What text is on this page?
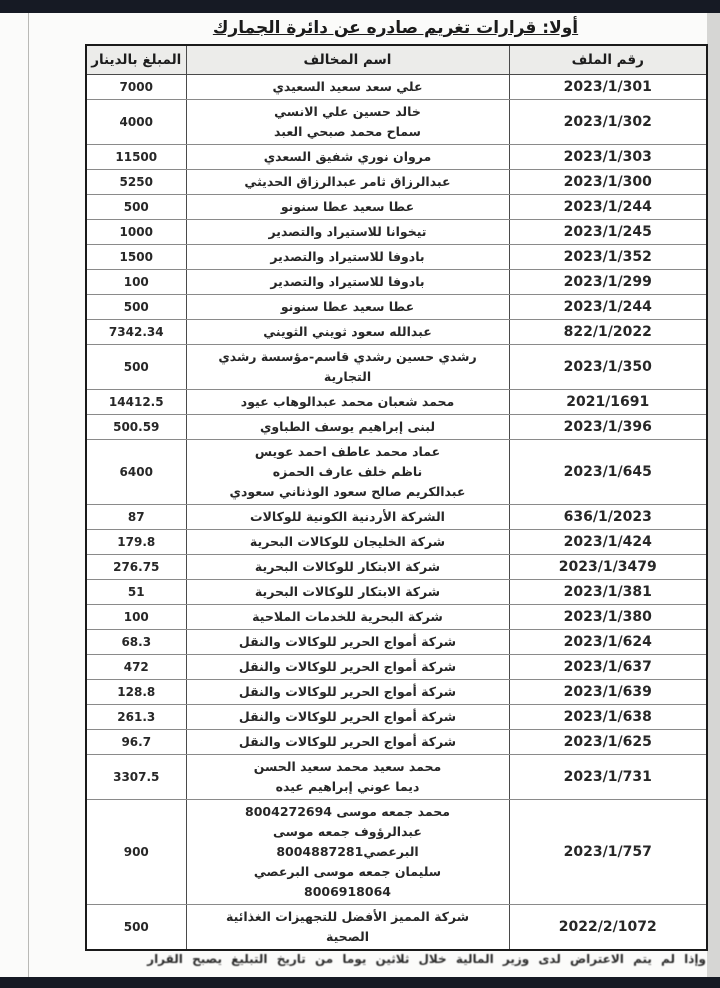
أولا: قرارات تغريم صادره عن دائرة الجمارك
رقم الملف	اسم المخالف	المبلغ بالدينار
2023/1/301	علي سعد سعيد السعيدي	7000
2023/1/302	خالد حسين علي الانسي
سماح محمد صبحي العبد	4000
2023/1/303	مروان نوري شفيق السعدي	11500
2023/1/300	عبدالرزاق ثامر عبدالرزاق الحديثي	5250
2023/1/244	عطا سعيد عطا سنونو	500
2023/1/245	تيخوانا للاستيراد والتصدير	1000
2023/1/352	بادوفا للاستيراد والتصدير	1500
2023/1/299	بادوفا للاستيراد والتصدير	100
2023/1/244	عطا سعيد عطا سنونو	500
822/1/2022	عبدالله سعود ثويني الثويني	7342.34
2023/1/350	رشدي حسين رشدي قاسم-مؤسسة رشدي
التجارية	500
2021/1691	محمد شعبان محمد عبدالوهاب عيود	14412.5
2023/1/396	لبنى إبراهيم يوسف الطباوي	500.59
2023/1/645	عماد محمد عاطف احمد عويس
ناظم خلف عارف الحمزه
عبدالكريم صالح سعود الوذناني سعودي	6400
636/1/2023	الشركة الأردنية الكونية للوكالات	87
2023/1/424	شركة الخليجان للوكالات البحرية	179.8
2023/1/3479	شركة الابتكار للوكالات البحرية	276.75
2023/1/381	شركة الابتكار للوكالات البحرية	51
2023/1/380	شركة البحرية للخدمات الملاحية	100
2023/1/624	شركة أمواج الحرير للوكالات والنقل	68.3
2023/1/637	شركة أمواج الحرير للوكالات والنقل	472
2023/1/639	شركة أمواج الحرير للوكالات والنقل	128.8
2023/1/638	شركة أمواج الحرير للوكالات والنقل	261.3
2023/1/625	شركة أمواج الحرير للوكالات والنقل	96.7
2023/1/731	محمد سعيد محمد سعيد الحسن
ديما عوني إبراهيم عيده	3307.5
2023/1/757	محمد جمعه موسى 8004272694
عبدالرؤوف جمعه موسى
البرعصي8004887281
سليمان جمعه موسى البرعصي
8006918064	900
2022/2/1072	شركة المميز الأفضل للتجهيزات الغذائية
الصحية	500
وإذا لم يتم الاعتراض لدى وزير المالية خلال ثلاثين يوما من تاريخ التبليغ يصبح القرار
